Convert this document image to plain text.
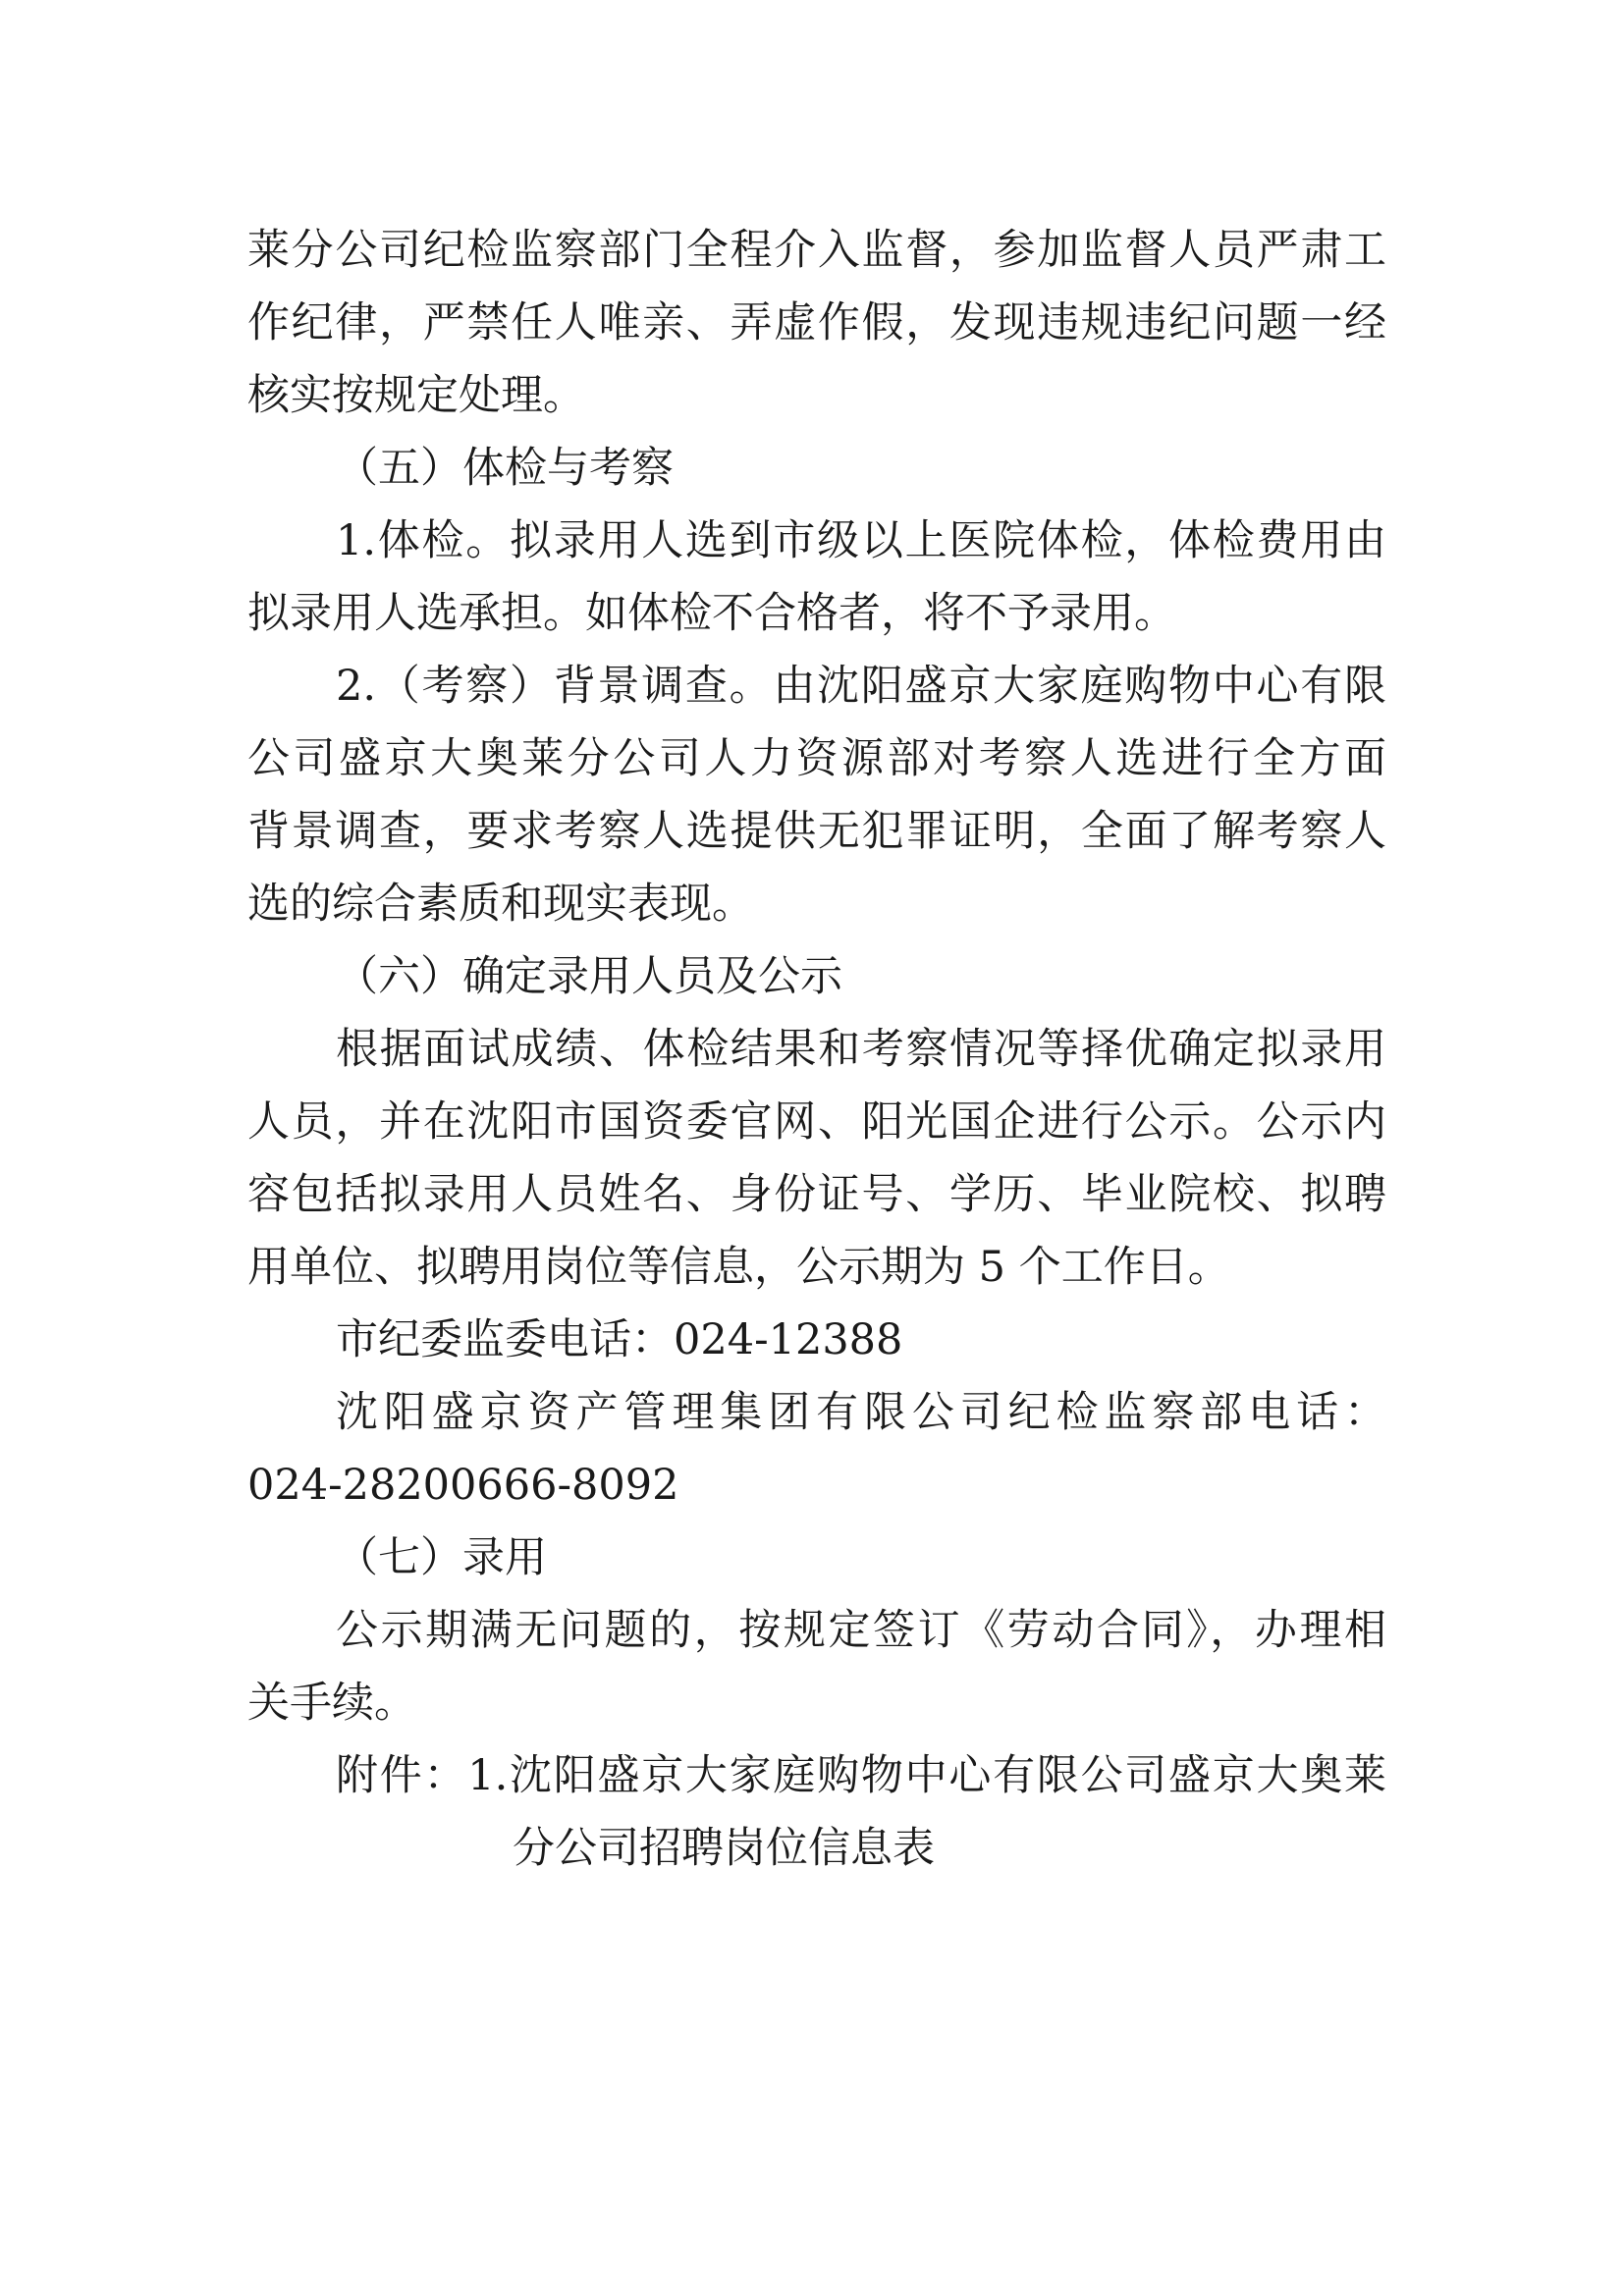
莱分公司纪检监察部门全程介入监督，参加监督人员严肃工
作纪律，严禁任人唯亲、弄虚作假，发现违规违纪问题一经
核实按规定处理。
（五）体检与考察
1.体检。拟录用人选到市级以上医院体检，体检费用由
拟录用人选承担。如体检不合格者，将不予录用。
2.（考察）背景调查。由沈阳盛京大家庭购物中心有限
公司盛京大奥莱分公司人力资源部对考察人选进行全方面
背景调查，要求考察人选提供无犯罪证明，全面了解考察人
选的综合素质和现实表现。
（六）确定录用人员及公示
根据面试成绩、体检结果和考察情况等择优确定拟录用
人员，并在沈阳市国资委官网、阳光国企进行公示。公示内
容包括拟录用人员姓名、身份证号、学历、毕业院校、拟聘
用单位、拟聘用岗位等信息，公示期为 5 个工作日。
市纪委监委电话：024-12388
沈阳盛京资产管理集团有限公司纪检监察部电话：
024-28200666-8092
（七）录用
公示期满无问题的，按规定签订《劳动合同》，办理相
关手续。
附件：1.沈阳盛京大家庭购物中心有限公司盛京大奥莱
分公司招聘岗位信息表
